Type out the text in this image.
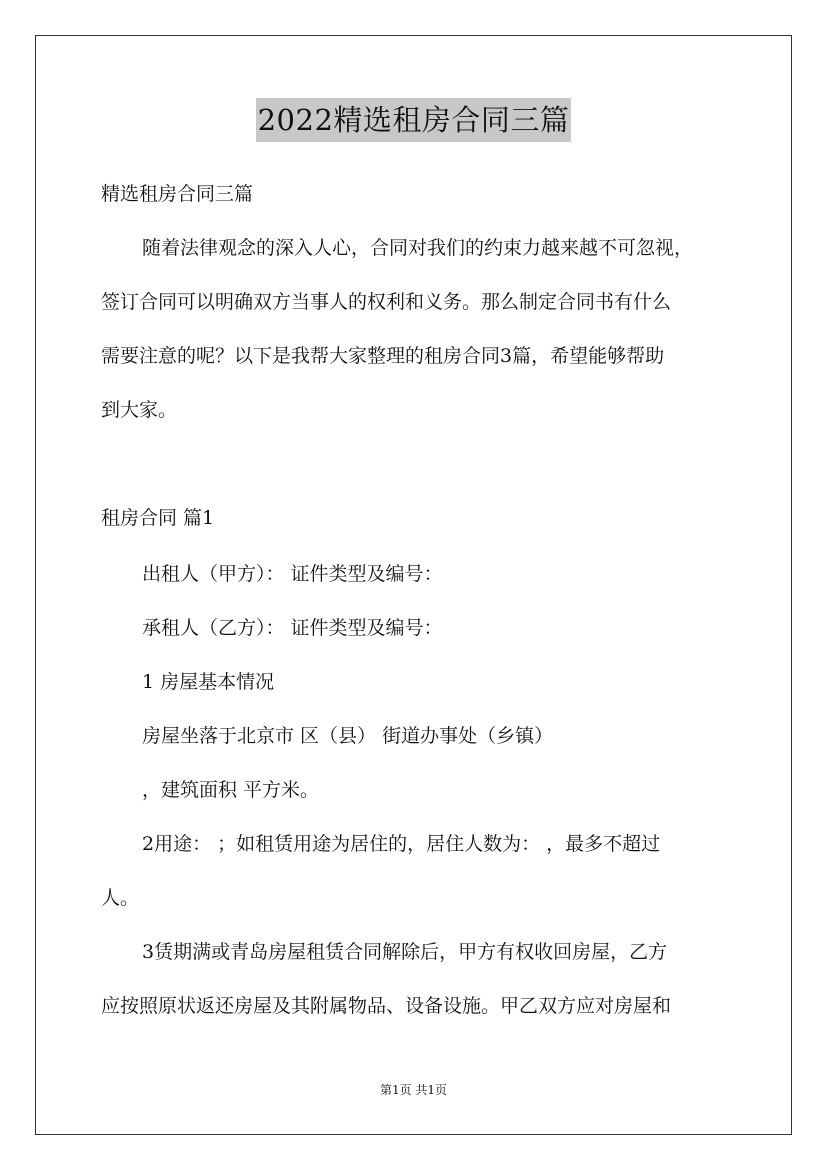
2022精选租房合同三篇
精选租房合同三篇
随着法律观念的深入人心，合同对我们的约束力越来越不可忽视，
签订合同可以明确双方当事人的权利和义务。那么制定合同书有什么
需要注意的呢？以下是我帮大家整理的租房合同3篇，希望能够帮助
到大家。
租房合同 篇1
出租人（甲方）： 证件类型及编号：
承租人（乙方）： 证件类型及编号：
1 房屋基本情况
房屋坐落于北京市 区（县） 街道办事处（乡镇）
，建筑面积 平方米。
2用途： ；如租赁用途为居住的，居住人数为： ，最多不超过
人。
3赁期满或青岛房屋租赁合同解除后，甲方有权收回房屋，乙方
应按照原状返还房屋及其附属物品、设备设施。甲乙双方应对房屋和
第1页 共1页
